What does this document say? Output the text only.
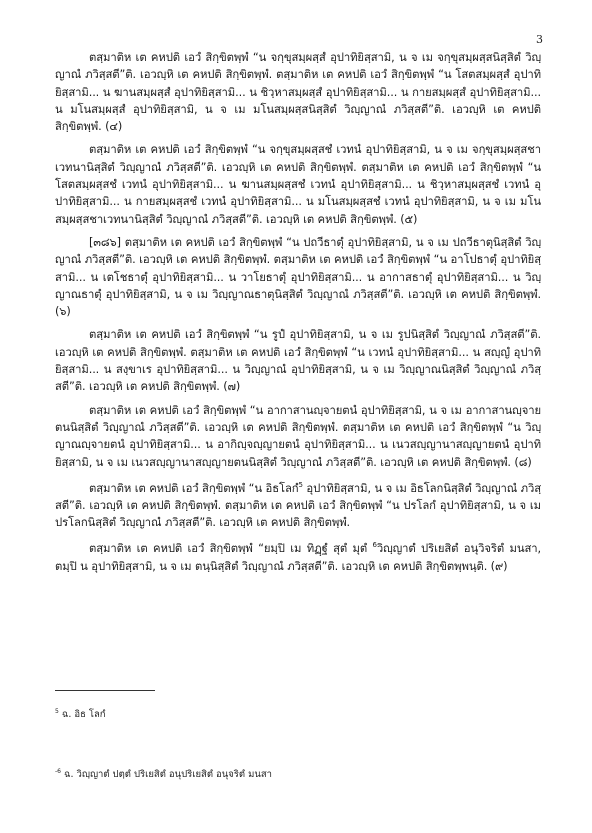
3

ตสฺมาติห เต คหปติ เอวํ สิกฺขิตพฺพํ “น จกฺขุสมฺผสฺสํ อุปาทิยิสฺสามิ, น จ เม จกฺขุสมฺผสฺสนิสฺสิตํ วิญฺญาณํ ภวิสฺสตี”ติ. เอวญฺหิ เต คหปติ สิกฺขิตพฺพํ. ตสฺมาติห เต คหปติ เอวํ สิกฺขิตพฺพํ “น โสตสมฺผสฺสํ อุปาทิยิสฺสามิ... น ฆานสมฺผสฺสํ อุปาทิยิสฺสามิ... น ชิวฺหาสมฺผสฺสํ อุปาทิยิสฺสามิ... น กายสมฺผสฺสํ อุปาทิยิสฺสามิ... น มโนสมฺผสฺสํ อุปาทิยิสฺสามิ, น จ เม มโนสมฺผสฺสนิสฺสิตํ วิญฺญาณํ ภวิสฺสตี”ติ. เอวญฺหิ เต คหปติ สิกฺขิตพฺพํ. (๔)

ตสฺมาติห เต คหปติ เอวํ สิกฺขิตพฺพํ “น จกฺขุสมฺผสฺสชํ เวทนํ อุปาทิยิสฺสามิ, น จ เม จกฺขุสมฺผสฺสชาเวทนานิสฺสิตํ วิญฺญาณํ ภวิสฺสตี”ติ. เอวญฺหิ เต คหปติ สิกฺขิตพฺพํ. ตสฺมาติห เต คหปติ เอวํ สิกฺขิตพฺพํ “น โสตสมฺผสฺสชํ เวทนํ อุปาทิยิสฺสามิ... น ฆานสมฺผสฺสชํ เวทนํ อุปาทิยิสฺสามิ... น ชิวฺหาสมฺผสฺสชํ เวทนํ อุปาทิยิสฺสามิ... น กายสมฺผสฺสชํ เวทนํ อุปาทิยิสฺสามิ... น มโนสมฺผสฺสชํ เวทนํ อุปาทิยิสฺสามิ, น จ เม มโนสมฺผสฺสชาเวทนานิสฺสิตํ วิญฺญาณํ ภวิสฺสตี”ติ. เอวญฺหิ เต คหปติ สิกฺขิตพฺพํ. (๕)

[๓๘๖] ตสฺมาติห เต คหปติ เอวํ สิกฺขิตพฺพํ “น ปถวีธาตุํ อุปาทิยิสฺสามิ, น จ เม ปถวีธาตุนิสฺสิตํ วิญฺญาณํ ภวิสฺสตี”ติ. เอวญฺหิ เต คหปติ สิกฺขิตพฺพํ. ตสฺมาติห เต คหปติ เอวํ สิกฺขิตพฺพํ “น อาโปธาตุํ อุปาทิยิสฺสามิ... น เตโชธาตุํ อุปาทิยิสฺสามิ... น วาโยธาตุํ อุปาทิยิสฺสามิ... น อากาสธาตุํ อุปาทิยิสฺสามิ... น วิญฺญาณธาตุํ อุปาทิยิสฺสามิ, น จ เม วิญฺญาณธาตุนิสฺสิตํ วิญฺญาณํ ภวิสฺสตี”ติ. เอวญฺหิ เต คหปติ สิกฺขิตพฺพํ. (๖)

ตสฺมาติห เต คหปติ เอวํ สิกฺขิตพฺพํ “น รูปํ อุปาทิยิสฺสามิ, น จ เม รูปนิสฺสิตํ วิญฺญาณํ ภวิสฺสตี”ติ. เอวญฺหิ เต คหปติ สิกฺขิตพฺพํ. ตสฺมาติห เต คหปติ เอวํ สิกฺขิตพฺพํ “น เวทนํ อุปาทิยิสฺสามิ... น สญฺญํ อุปาทิยิสฺสามิ... น สงฺขาเร อุปาทิยิสฺสามิ... น วิญฺญาณํ อุปาทิยิสฺสามิ, น จ เม วิญฺญาณนิสฺสิตํ วิญฺญาณํ ภวิสฺสตี”ติ. เอวญฺหิ เต คหปติ สิกฺขิตพฺพํ. (๗)

ตสฺมาติห เต คหปติ เอวํ สิกฺขิตพฺพํ “น อากาสานญฺจายตนํ อุปาทิยิสฺสามิ, น จ เม อากาสานญฺจายตนนิสฺสิตํ วิญฺญาณํ ภวิสฺสตี”ติ. เอวญฺหิ เต คหปติ สิกฺขิตพฺพํ. ตสฺมาติห เต คหปติ เอวํ สิกฺขิตพฺพํ “น วิญฺญาณญฺจายตนํ อุปาทิยิสฺสามิ... น อากิญฺจญฺญายตนํ อุปาทิยิสฺสามิ... น เนวสญฺญานาสญฺญายตนํ อุปาทิยิสฺสามิ, น จ เม เนวสญฺญานาสญฺญายตนนิสฺสิตํ วิญฺญาณํ ภวิสฺสตี”ติ. เอวญฺหิ เต คหปติ สิกฺขิตพฺพํ. (๘)

ตสฺมาติห เต คหปติ เอวํ สิกฺขิตพฺพํ “น อิธโลกํ$^5$ อุปาทิยิสฺสามิ, น จ เม อิธโลกนิสฺสิตํ วิญฺญาณํ ภวิสฺสตี”ติ. เอวญฺหิ เต คหปติ สิกฺขิตพฺพํ. ตสฺมาติห เต คหปติ เอวํ สิกฺขิตพฺพํ “น ปรโลกํ อุปาทิยิสฺสามิ, น จ เม ปรโลกนิสฺสิตํ วิญฺญาณํ ภวิสฺสตี”ติ. เอวญฺหิ เต คหปติ สิกฺขิตพฺพํ.

ตสฺมาติห เต คหปติ เอวํ สิกฺขิตพฺพํ “ยมฺปิ เม ทิฏฺฐํ สุตํ มุตํ $^6$วิญฺญาตํ ปริเยสิตํ อนุวิจริตํ มนสา, ตมฺปิ น อุปาทิยิสฺสามิ, น จ เม ตนฺนิสฺสิตํ วิญฺญาณํ ภวิสฺสตี”ติ. เอวญฺหิ เต คหปติ สิกฺขิตพฺพนฺติ. (๙)

$^5$ ฉ. อิธ โลกํ
$^{-6}$ ฉ. วิญฺญาตํ ปตฺตํ ปริเยสิตํ อนุปริเยสิตํ อนุจริตํ มนสา
